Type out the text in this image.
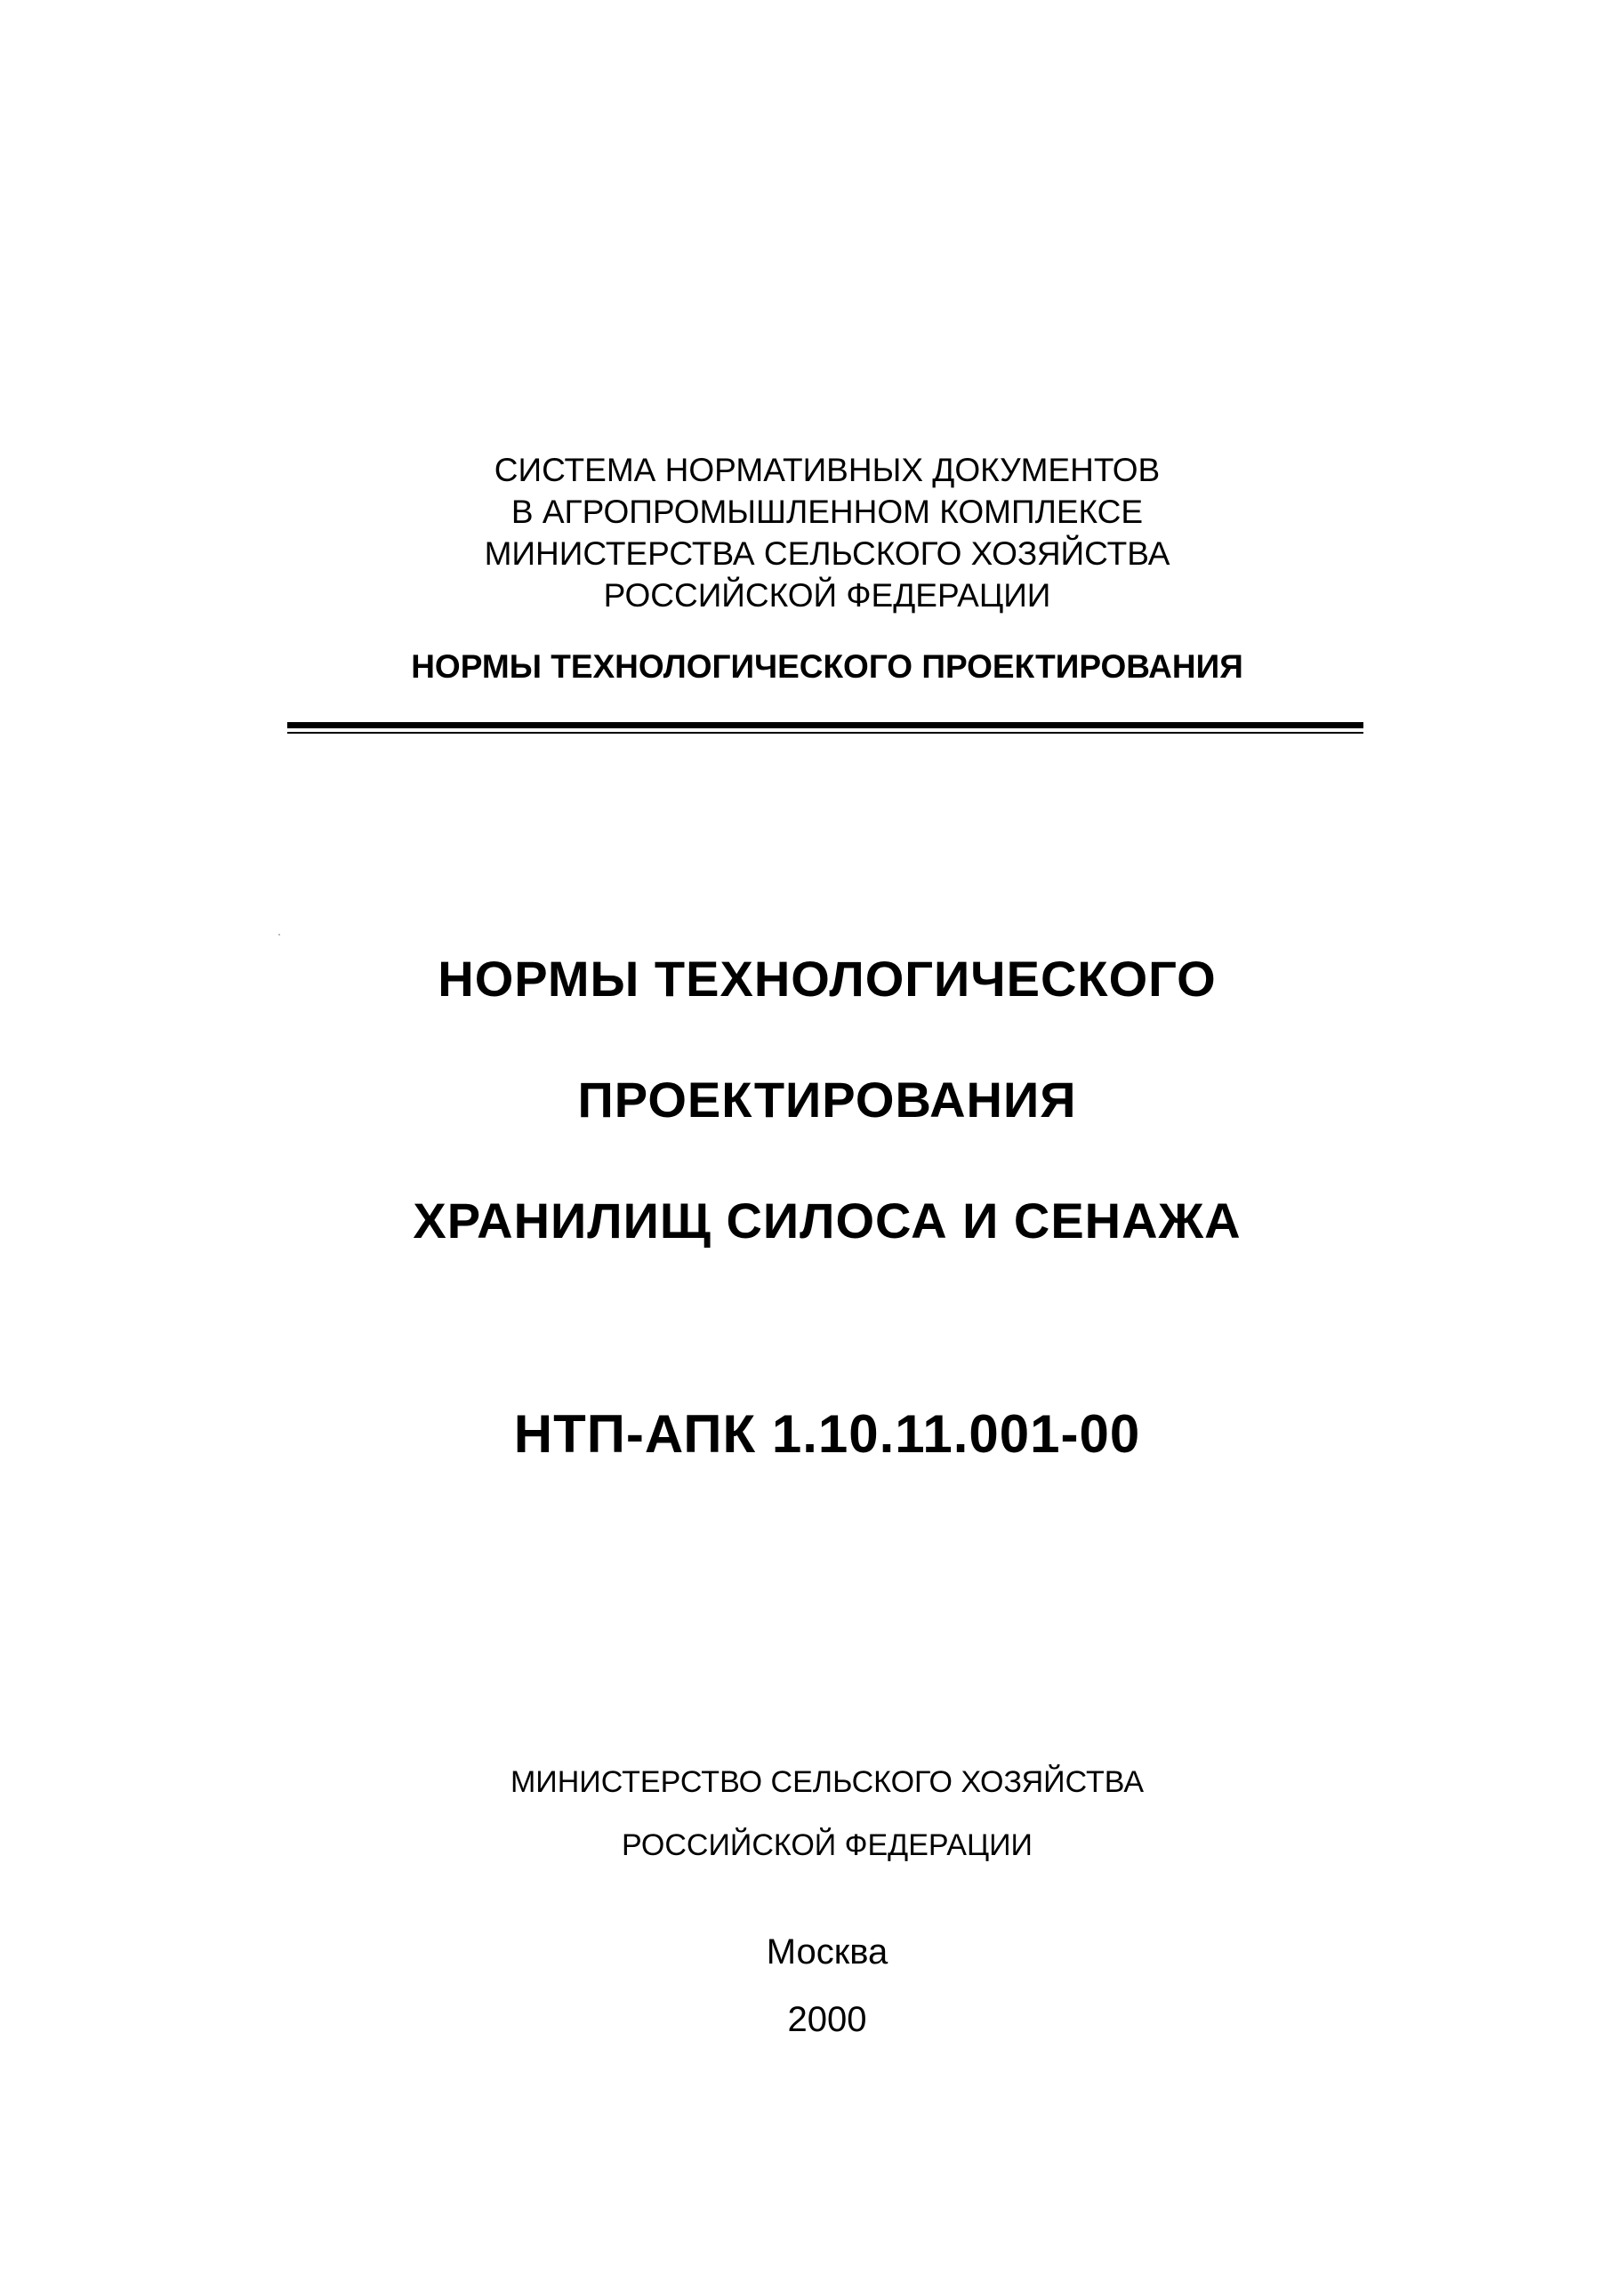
СИСТЕМА НОРМАТИВНЫХ ДОКУМЕНТОВ
В АГРОПРОМЫШЛЕННОМ КОМПЛЕКСЕ
МИНИСТЕРСТВА СЕЛЬСКОГО ХОЗЯЙСТВА
РОССИЙСКОЙ ФЕДЕРАЦИИ
НОРМЫ ТЕХНОЛОГИЧЕСКОГО ПРОЕКТИРОВАНИЯ
НОРМЫ ТЕХНОЛОГИЧЕСКОГО
ПРОЕКТИРОВАНИЯ
ХРАНИЛИЩ СИЛОСА И СЕНАЖА
НТП-АПК 1.10.11.001-00
МИНИСТЕРСТВО СЕЛЬСКОГО ХОЗЯЙСТВА
РОССИЙСКОЙ ФЕДЕРАЦИИ
Москва
2000
